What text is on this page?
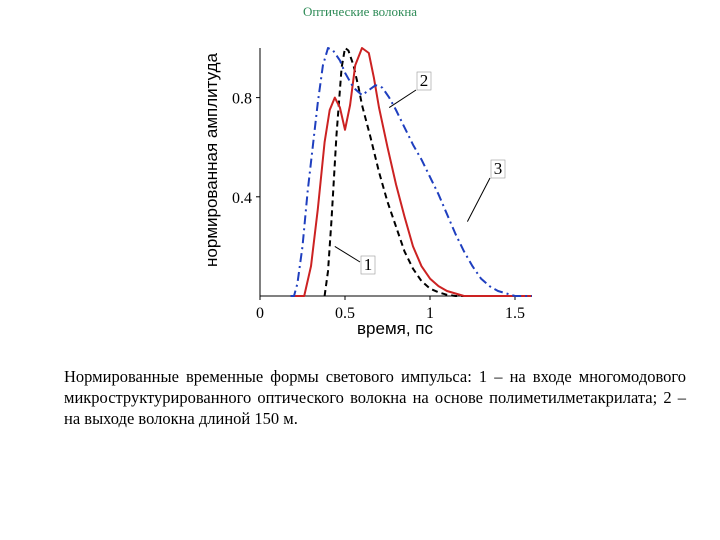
Оптические волокна
0	0.5	1	1.5
0.4
0.8
1
2
3
время, пс
нормированная амплитуда
Нормированные временные формы светового импульса: 1 – на входе многомодового микроструктурированного оптического волокна на основе полиметилметакрилата; 2 – на выходе волокна длиной 150 м.
